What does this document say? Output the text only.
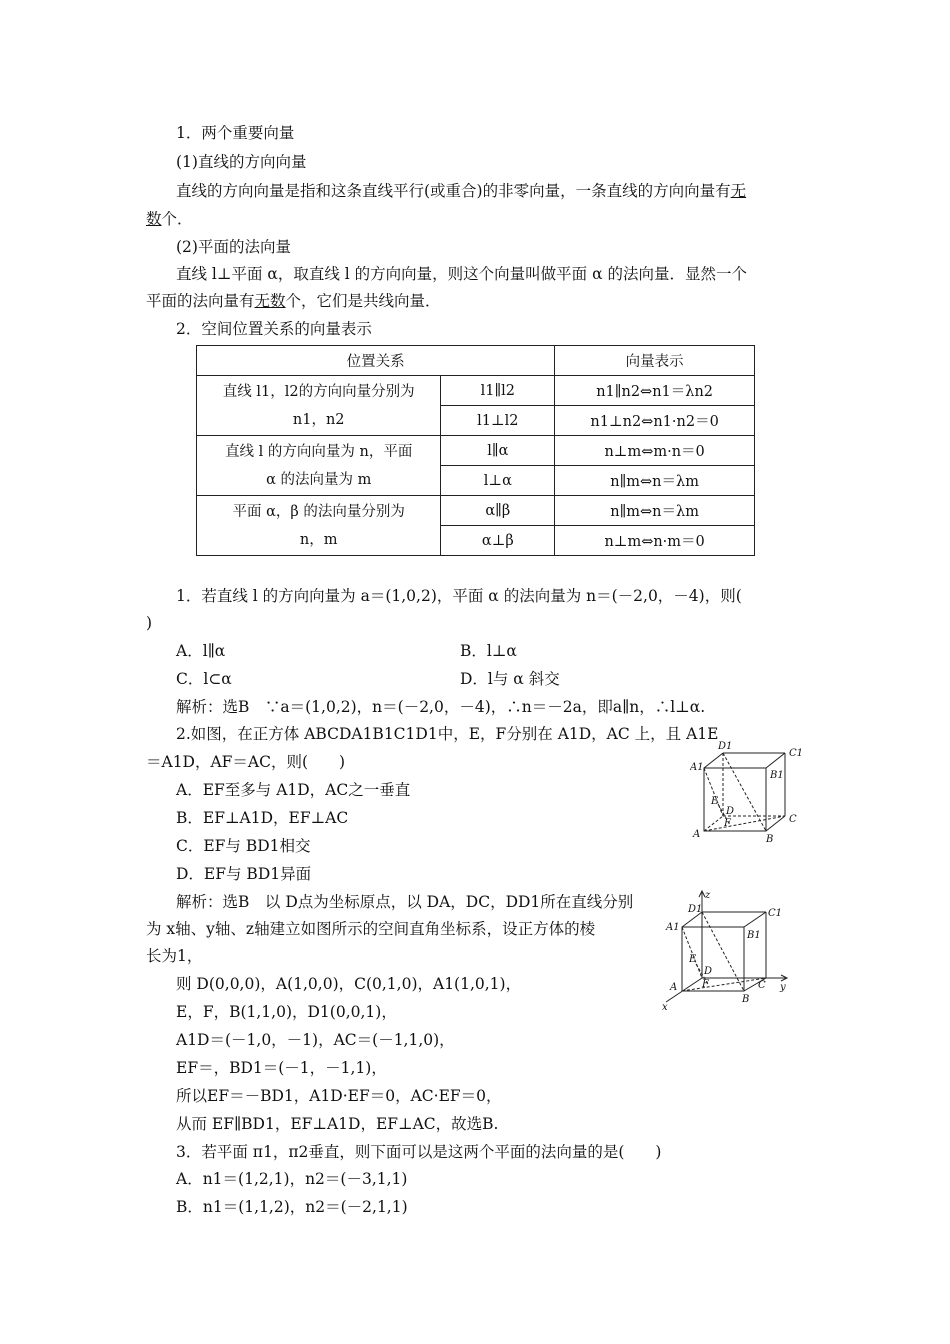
1．两个重要向量
(1)直线的方向向量
直线的方向向量是指和这条直线平行(或重合)的非零向量，一条直线的方向向量有无
数个．
(2)平面的法向量
直线 l⊥平面 α，取直线 l 的方向向量，则这个向量叫做平面 α 的法向量．显然一个
平面的法向量有无数个，它们是共线向量．
2．空间位置关系的向量表示
位置关系		向量表示

直线 l1，l2的方向向量分别为
n1，n2	l1∥l2	n1∥n2⇔n1＝λn2
	l1⊥l2	n1⊥n2⇔n1·n2＝0

直线 l 的方向向量为 n，平面
α 的法向量为 m	l∥α	n⊥m⇔m·n＝0
	l⊥α	n∥m⇔n＝λm

平面 α，β 的法向量分别为
n，m	α∥β	n∥m⇔n＝λm
	α⊥β	n⊥m⇔n·m＝0
1．若直线 l 的方向向量为 a＝(1,0,2)，平面 α 的法向量为 n＝(－2,0，－4)，则(
)
A．l∥α	B．l⊥α
C．l⊂α	D．l与 α 斜交
解析：选B　∵a＝(1,0,2)，n＝(－2,0，－4)，∴n＝－2a，即a∥n，∴l⊥α.
2.如图，在正方体 ABCDA1B1C1D1中，E，F分别在 A1D，AC 上，且 A1E
＝A1D，AF＝AC，则(　　)
A．EF至多与 A1D，AC之一垂直
B．EF⊥A1D，EF⊥AC
C．EF与 BD1相交
D．EF与 BD1异面
解析：选B　以 D点为坐标原点，以 DA，DC，DD1所在直线分别
为 x轴、y轴、z轴建立如图所示的空间直角坐标系，设正方体的棱
长为1，
则 D(0,0,0)，A(1,0,0)，C(0,1,0)，A1(1,0,1)，
E，F，B(1,1,0)，D1(0,0,1)，
A1D＝(－1,0，－1)，AC＝(－1,1,0)，
EF＝，BD1＝(－1，－1,1)，
所以EF＝－BD1，A1D·EF＝0，AC·EF＝0，
从而 EF∥BD1，EF⊥A1D，EF⊥AC，故选B.
3．若平面 π1，π2垂直，则下面可以是这两个平面的法向量的是(　　)
A．n1＝(1,2,1)，n2＝(－3,1,1)
B．n1＝(1,1,2)，n2＝(－2,1,1)
A1
D1
C1
B1
E
D
F
A
C
B
z
D1	C1
A1
B1
E
D
F
A
B
C y
x
